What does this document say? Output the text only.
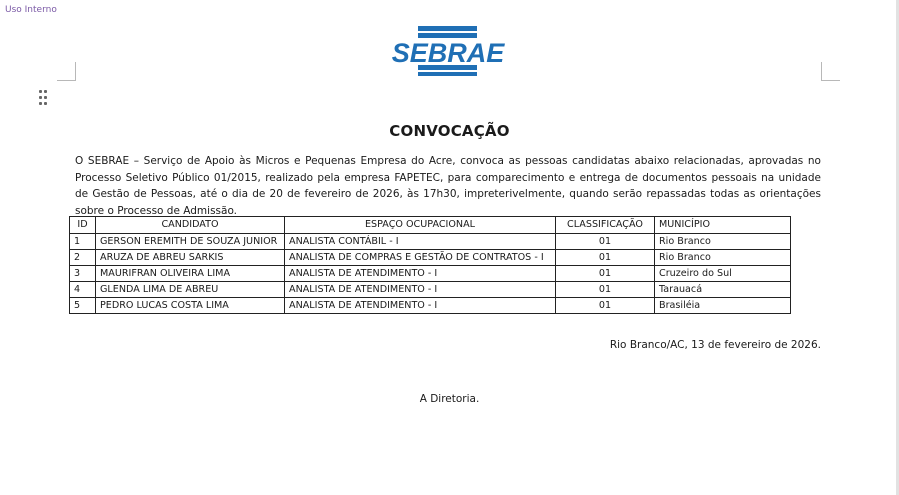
Uso Interno
SEBRAE
CONVOCAÇÃO
O SEBRAE – Serviço de Apoio às Micros e Pequenas Empresa do Acre, convoca as pessoas candidatas abaixo relacionadas, aprovadas no Processo Seletivo Público 01/2015, realizado pela empresa FAPETEC, para comparecimento e entrega de documentos pessoais na unidade de Gestão de Pessoas, até o dia de 20 de fevereiro de 2026, às 17h30, impreterivelmente, quando serão repassadas todas as orientações sobre o Processo de Admissão.
ID	CANDIDATO	ESPAÇO OCUPACIONAL	CLASSIFICAÇÃO	MUNICÍPIO
1	GERSON EREMITH DE SOUZA JUNIOR	ANALISTA CONTÁBIL - I	01	Rio Branco
2	ARUZA DE ABREU SARKIS	ANALISTA DE COMPRAS E GESTÃO DE CONTRATOS - I	01	Rio Branco
3	MAURIFRAN OLIVEIRA LIMA	ANALISTA DE ATENDIMENTO - I	01	Cruzeiro do Sul
4	GLENDA LIMA DE ABREU	ANALISTA DE ATENDIMENTO - I	01	Tarauacá
5	PEDRO LUCAS COSTA LIMA	ANALISTA DE ATENDIMENTO - I	01	Brasiléia
Rio Branco/AC, 13 de fevereiro de 2026.
A Diretoria.
